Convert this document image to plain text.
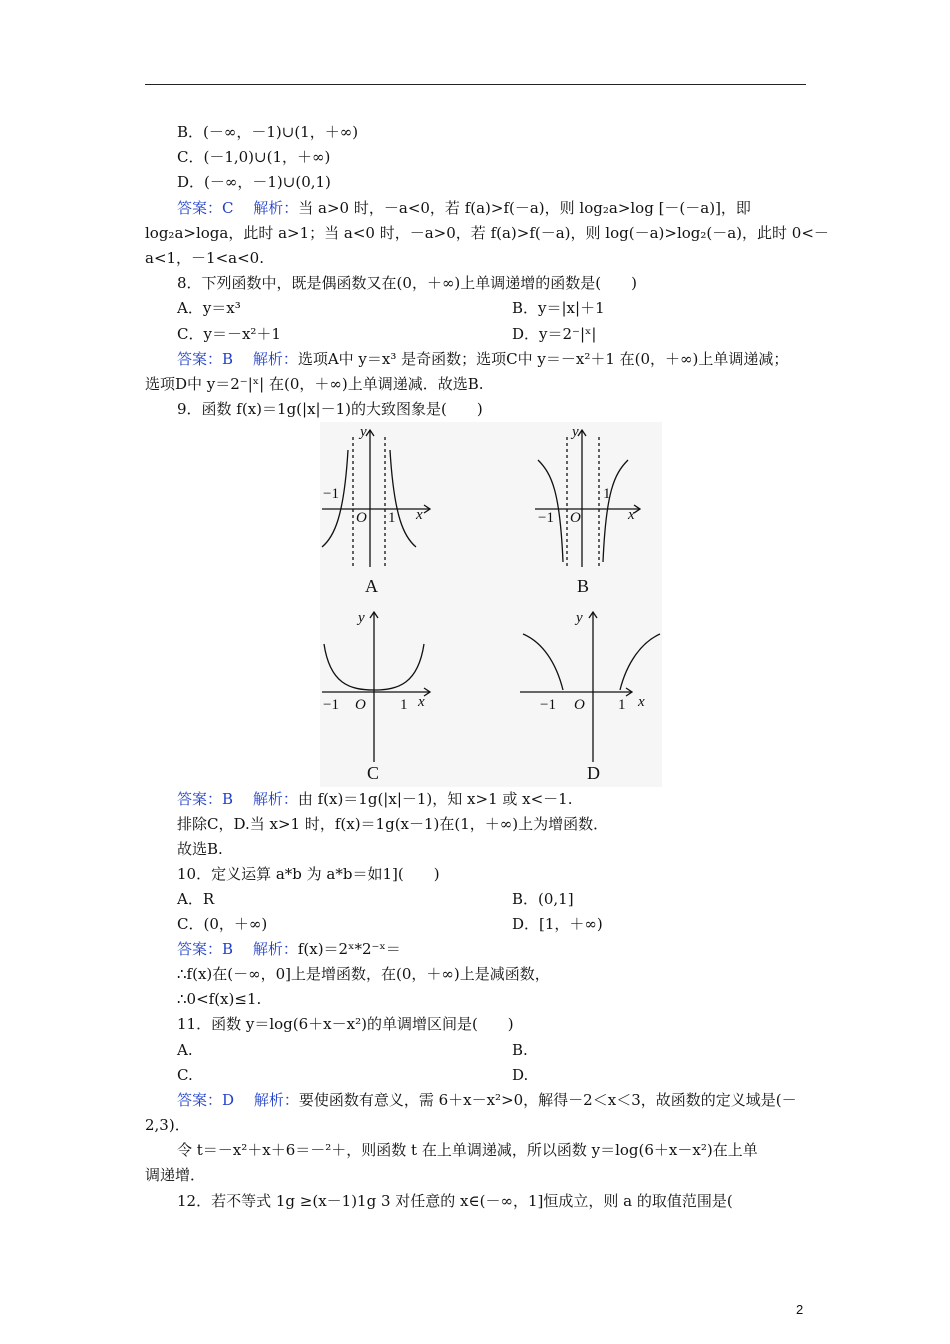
B．(－∞，－1)∪(1，＋∞)
C．(－1,0)∪(1，＋∞)
D．(－∞，－1)∪(0,1)
答案：C　 解析：当 a>0 时，－a<0，若 f(a)>f(－a)，则 log₂a>log [－(－a)]，即
log₂a>loga，此时 a>1；当 a<0 时，－a>0，若 f(a)>f(－a)，则 log(－a)>log₂(－a)，此时 0<－
a<1，－1<a<0.
8．下列函数中，既是偶函数又在(0，＋∞)上单调递增的函数是(　　)
A．y＝x³	B．y＝|x|＋1
C．y＝－x²＋1	D．y＝2⁻|ˣ|
答案：B　 解析：选项A中 y＝x³ 是奇函数；选项C中 y＝－x²＋1 在(0，＋∞)上单调递减；
选项D中 y＝2⁻|ˣ| 在(0，＋∞)上单调递减．故选B.
9．函数 f(x)＝1g(|x|－1)的大致图象是(　　)
y
x
O
−1
1
A
y
x
O
−1
1
B
y
x
O
−1	1
C
y
x
O
−1	1
D
答案：B　 解析：由 f(x)＝1g(|x|－1)，知 x>1 或 x<－1.
排除C，D.当 x>1 时，f(x)＝1g(x－1)在(1，＋∞)上为增函数．
故选B.
10．定义运算 a*b 为 a*b＝如1](　　)
A．R	B．(0,1]
C．(0，＋∞)	D．[1，＋∞)
答案：B　 解析：f(x)＝2ˣ*2⁻ˣ＝
∴f(x)在(－∞，0]上是增函数，在(0，＋∞)上是减函数，
∴0<f(x)≤1.
11．函数 y＝log(6＋x－x²)的单调增区间是(　　)
A.	B.
C.	D.
答案：D　 解析：要使函数有意义，需 6＋x－x²>0，解得－2＜x＜3，故函数的定义域是(－
2,3)．
令 t＝－x²＋x＋6＝－²＋，则函数 t 在上单调递减，所以函数 y＝log(6＋x－x²)在上单
调递增．
12．若不等式 1g ≥(x－1)1g 3 对任意的 x∈(－∞，1]恒成立，则 a 的取值范围是(
2
